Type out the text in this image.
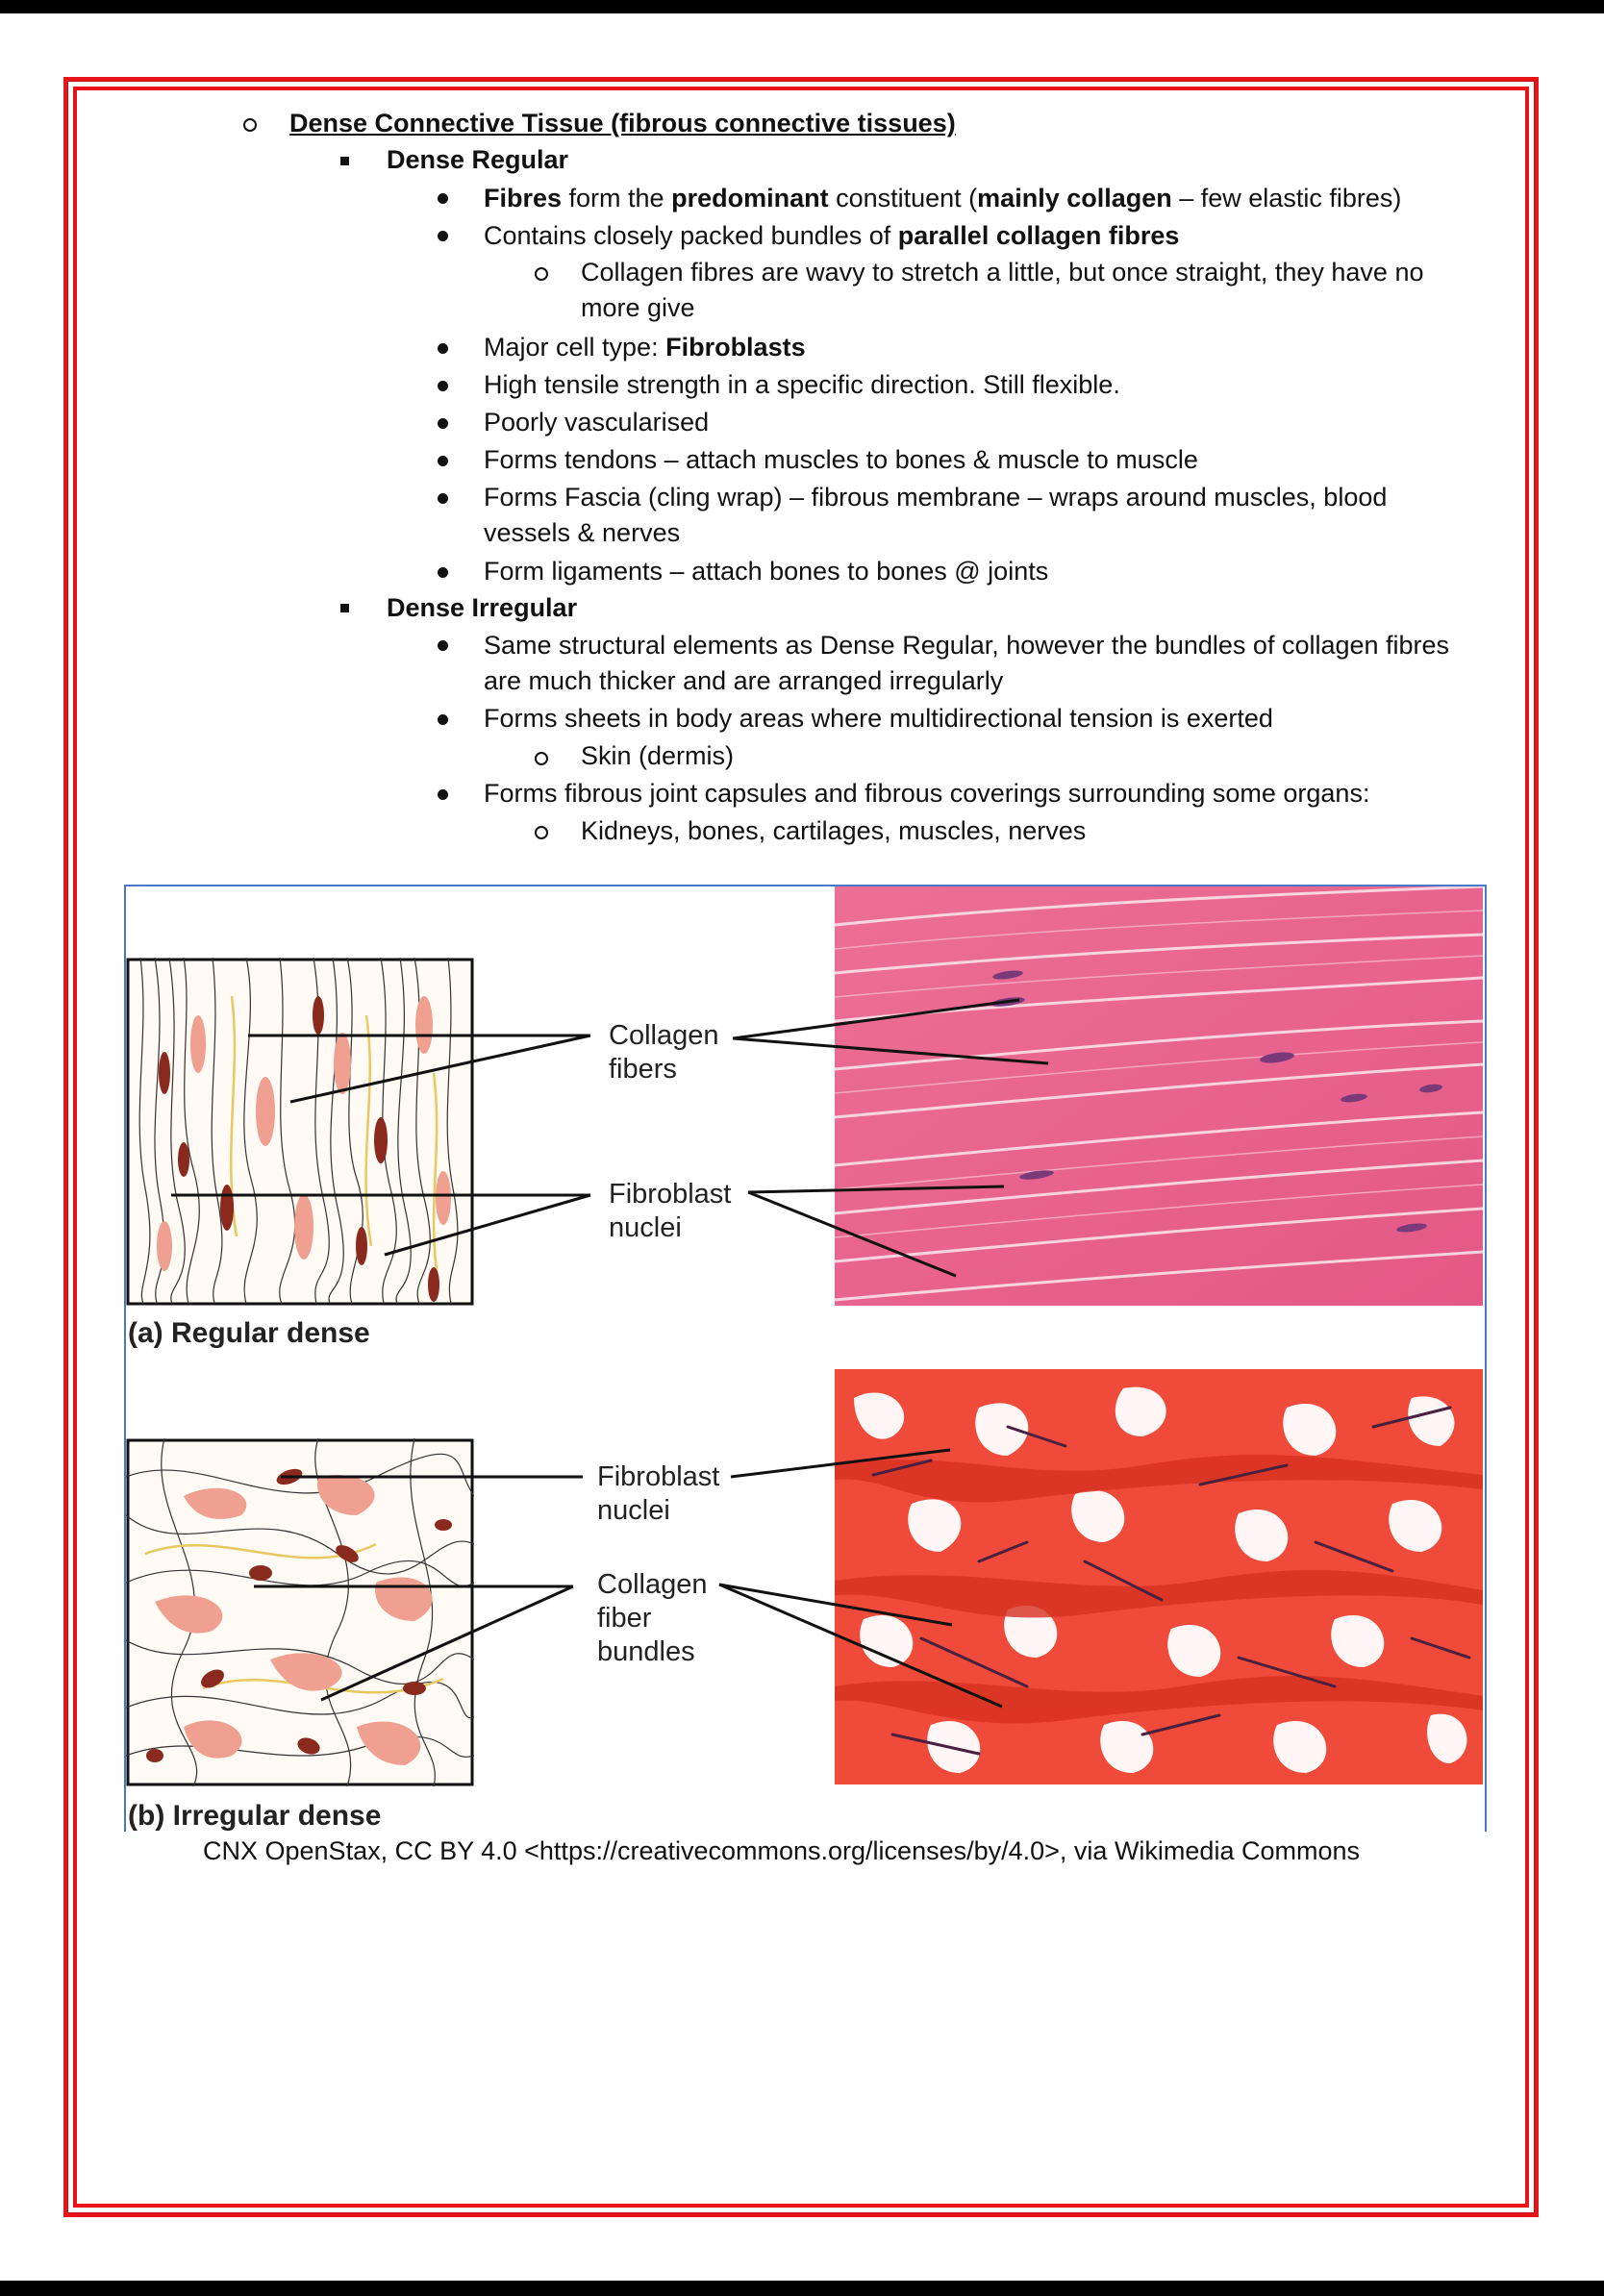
Dense Connective Tissue (fibrous connective tissues)
Dense Regular
Fibres form the predominant constituent (mainly collagen – few elastic fibres)
Contains closely packed bundles of parallel collagen fibres
Collagen fibres are wavy to stretch a little, but once straight, they have no
more give
Major cell type: Fibroblasts
High tensile strength in a specific direction. Still flexible.
Poorly vascularised
Forms tendons – attach muscles to bones & muscle to muscle
Forms Fascia (cling wrap) – fibrous membrane – wraps around muscles, blood
vessels & nerves
Form ligaments – attach bones to bones @ joints
Dense Irregular
Same structural elements as Dense Regular, however the bundles of collagen fibres
are much thicker and are arranged irregularly
Forms sheets in body areas where multidirectional tension is exerted
Skin (dermis)
Forms fibrous joint capsules and fibrous coverings surrounding some organs:
Kidneys, bones, cartilages, muscles, nerves
Collagen
fibers
Fibroblast
nuclei
(a) Regular dense
Fibroblast
nuclei
Collagen
fiber
bundles
(b) Irregular dense
CNX OpenStax, CC BY 4.0 <https://creativecommons.org/licenses/by/4.0>, via Wikimedia Commons
